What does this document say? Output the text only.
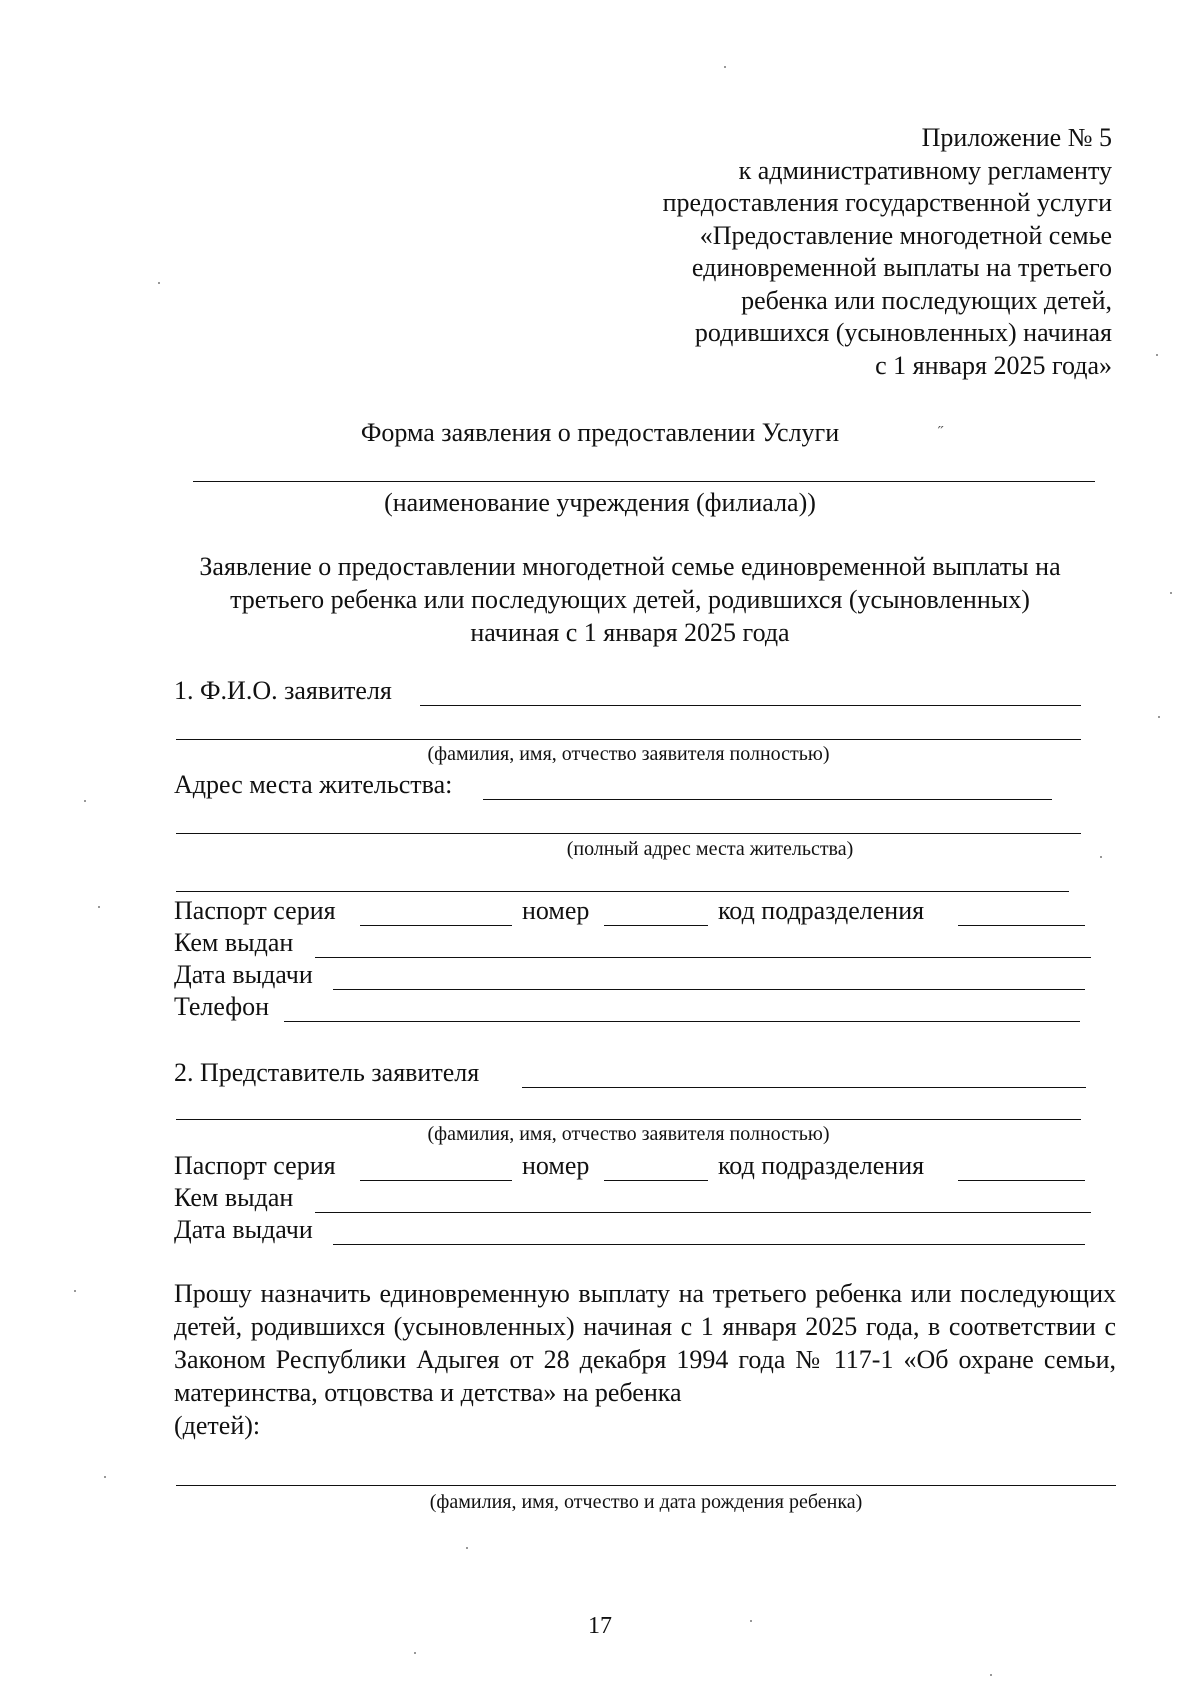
Приложение № 5
к административному регламенту
предоставления государственной услуги
«Предоставление многодетной семье
единовременной выплаты на третьего
ребенка или последующих детей,
родившихся (усыновленных) начиная
с 1 января 2025 года»
Форма заявления о предоставлении Услуги	˝
(наименование учреждения (филиала))
Заявление о предоставлении многодетной семье единовременной выплаты на
третьего ребенка или последующих детей, родившихся (усыновленных)
начиная с 1 января 2025 года
1. Ф.И.О. заявителя
(фамилия, имя, отчество заявителя полностью)
Адрес места жительства:
(полный адрес места жительства)
Паспорт серия	номер	код подразделения
Кем выдан
Дата выдачи
Телефон
2. Представитель заявителя
(фамилия, имя, отчество заявителя полностью)
Паспорт серия	номер	код подразделения
Кем выдан
Дата выдачи
Прошу назначить единовременную выплату на третьего ребенка или последующих детей, родившихся (усыновленных) начиная с 1 января 2025 года, в соответствии с Законом Республики Адыгея от 28 декабря 1994 года № 117-1 «Об охране семьи, материнства, отцовства и детства» на ребенка
(детей):
(фамилия, имя, отчество и дата рождения ребенка)
17
